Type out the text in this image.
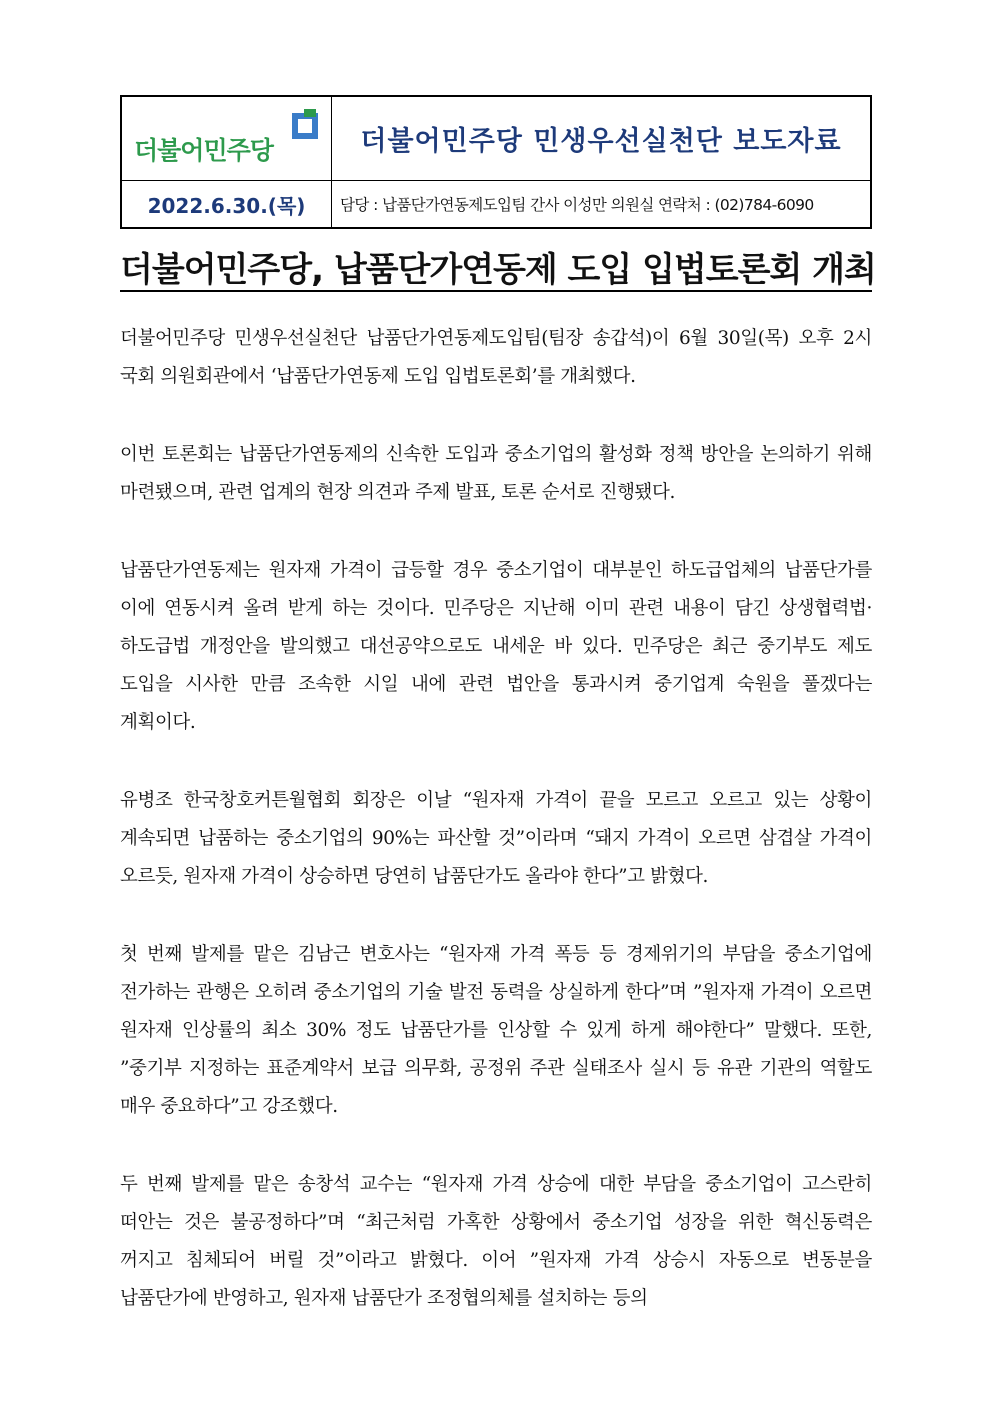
더불어민주당	더불어민주당 민생우선실천단 보도자료
2022.6.30.(목) 담당 : 납품단가연동제도입팀 간사 이성만 의원실 연락처 : (02)784-6090
더불어민주당, 납품단가연동제 도입 입법토론회 개최

더불어민주당 민생우선실천단 납품단가연동제도입팀(팀장 송갑석)이 6월 30일(목) 오후 2시 국회 의원회관에서 ‘납품단가연동제 도입 입법토론회’를 개최했다.

이번 토론회는 납품단가연동제의 신속한 도입과 중소기업의 활성화 정책 방안을 논의하기 위해 마련됐으며, 관련 업계의 현장 의견과 주제 발표, 토론 순서로 진행됐다.

납품단가연동제는 원자재 가격이 급등할 경우 중소기업이 대부분인 하도급업체의 납품단가를 이에 연동시켜 올려 받게 하는 것이다. 민주당은 지난해 이미 관련 내용이 담긴 상생협력법·하도급법 개정안을 발의했고 대선공약으로도 내세운 바 있다. 민주당은 최근 중기부도 제도 도입을 시사한 만큼 조속한 시일 내에 관련 법안을 통과시켜 중기업계 숙원을 풀겠다는 계획이다.

유병조 한국창호커튼월협회 회장은 이날 “원자재 가격이 끝을 모르고 오르고 있는 상황이 계속되면 납품하는 중소기업의 90%는 파산할 것”이라며 “돼지 가격이 오르면 삼겹살 가격이 오르듯, 원자재 가격이 상승하면 당연히 납품단가도 올라야 한다”고 밝혔다.

첫 번째 발제를 맡은 김남근 변호사는 “원자재 가격 폭등 등 경제위기의 부담을 중소기업에 전가하는 관행은 오히려 중소기업의 기술 발전 동력을 상실하게 한다”며 ”원자재 가격이 오르면 원자재 인상률의 최소 30% 정도 납품단가를 인상할 수 있게 하게 해야한다” 말했다. 또한, ”중기부 지정하는 표준계약서 보급 의무화, 공정위 주관 실태조사 실시 등 유관 기관의 역할도 매우 중요하다”고 강조했다.

두 번째 발제를 맡은 송창석 교수는 “원자재 가격 상승에 대한 부담을 중소기업이 고스란히 떠안는 것은 불공정하다”며 “최근처럼 가혹한 상황에서 중소기업 성장을 위한 혁신동력은 꺼지고 침체되어 버릴 것”이라고 밝혔다. 이어 ”원자재 가격 상승시 자동으로 변동분을 납품단가에 반영하고, 원자재 납품단가 조정협의체를 설치하는 등의
